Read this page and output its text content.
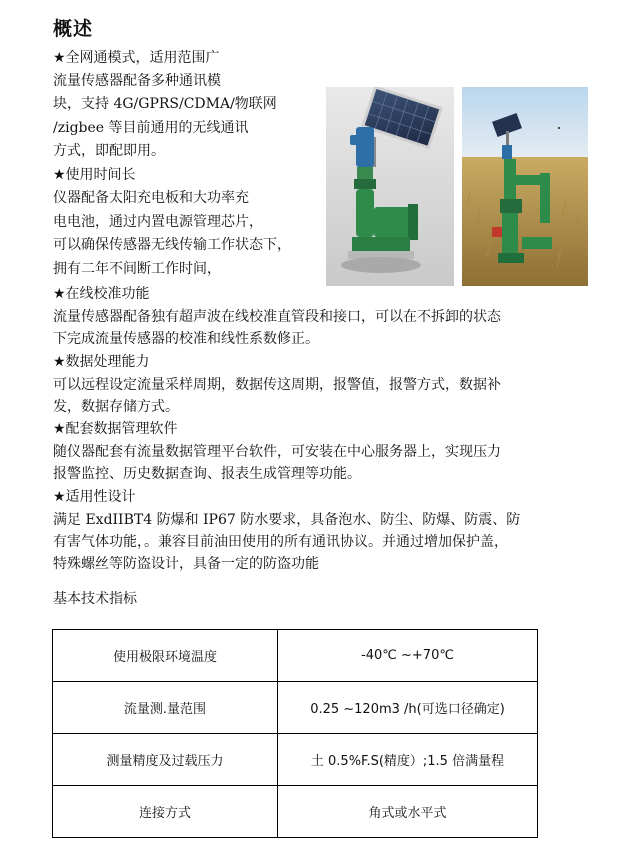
概述
★全网通模式，适用范围广
流量传感器配备多种通讯模
块，支持 4G/GPRS/CDMA/物联网
/zigbee 等目前通用的无线通讯
方式，即配即用。
★使用时间长
仪器配备太阳充电板和大功率充
电电池，通过内置电源管理芯片，
可以确保传感器无线传输工作状态下，
拥有二年不间断工作时间，
★在线校准功能
流量传感器配备独有超声波在线校准直管段和接口，可以在不拆卸的状态
下完成流量传感器的校准和线性系数修正。
★数据处理能力
可以远程设定流量采样周期，数据传这周期，报警值，报警方式，数据补
发，数据存储方式。
★配套数据管理软件
随仪器配套有流量数据管理平台软件，可安装在中心服务器上，实现压力
报警监控、历史数据查询、报表生成管理等功能。
★适用性设计
满足 ExdIIBT4 防爆和 IP67 防水要求，具备泡水、防尘、防爆、防震、防
有害气体功能，。兼容目前油田使用的所有通讯协议。并通过增加保护盖，
特殊螺丝等防盗设计，具备一定的防盗功能
基本技术指标
使用极限环境温度	-40℃ ~+70℃
流量测.量范围	0.25 ~120m3 /h(可选口径确定)
测量精度及过载压力	土 0.5%F.S(精度）;1.5 倍满量程
连接方式	角式或水平式
